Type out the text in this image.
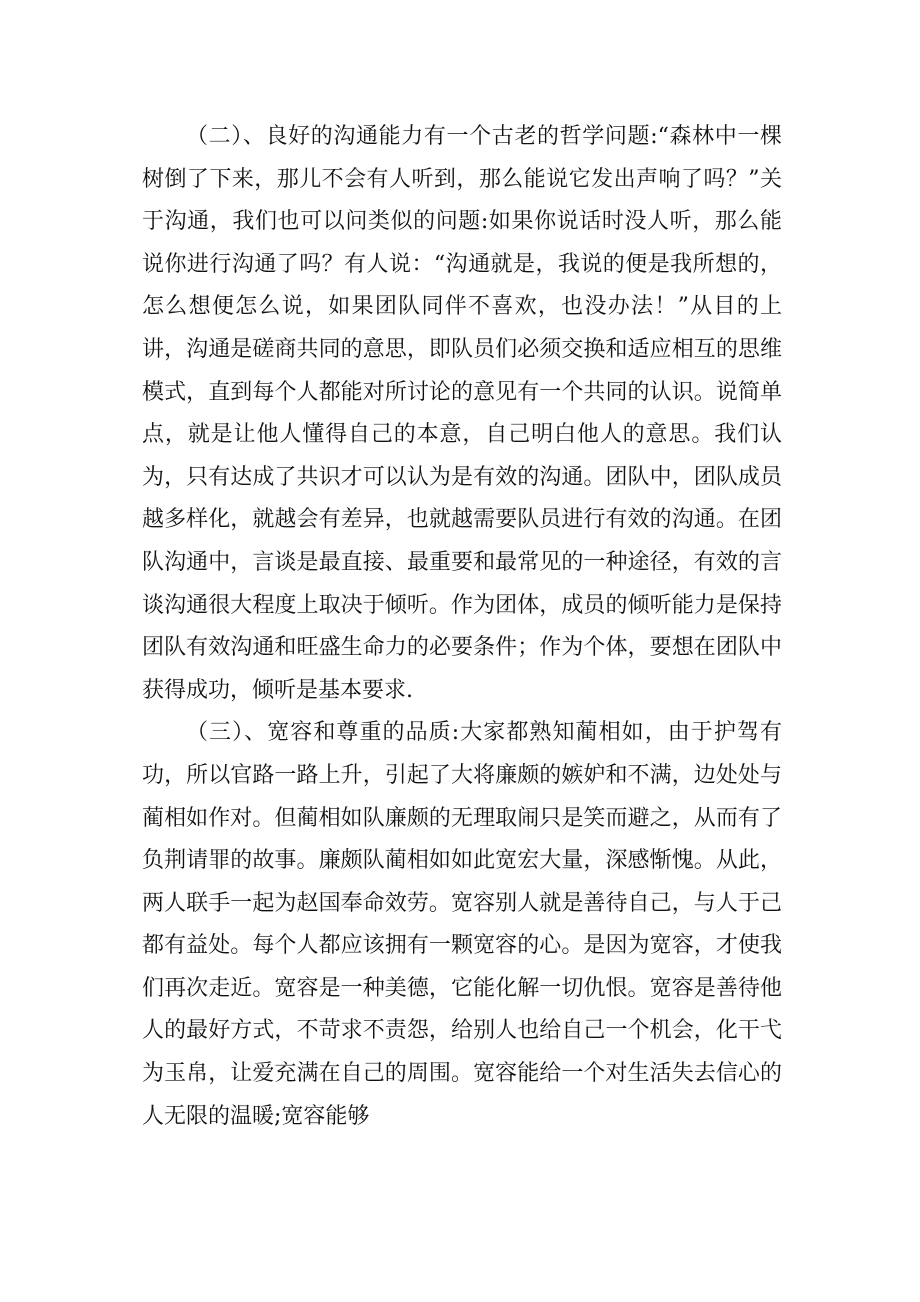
（二）、良好的沟通能力有一个古老的哲学问题:“森林中一棵树倒了下来，那儿不会有人听到，那么能说它发出声响了吗？”关于沟通，我们也可以问类似的问题:如果你说话时没人听，那么能说你进行沟通了吗？有人说：“沟通就是，我说的便是我所想的，怎么想便怎么说，如果团队同伴不喜欢，也没办法！”从目的上讲，沟通是磋商共同的意思，即队员们必须交换和适应相互的思维模式，直到每个人都能对所讨论的意见有一个共同的认识。说简单点，就是让他人懂得自己的本意，自己明白他人的意思。我们认为，只有达成了共识才可以认为是有效的沟通。团队中，团队成员越多样化，就越会有差异，也就越需要队员进行有效的沟通。在团队沟通中，言谈是最直接、最重要和最常见的一种途径，有效的言谈沟通很大程度上取决于倾听。作为团体，成员的倾听能力是保持团队有效沟通和旺盛生命力的必要条件；作为个体，要想在团队中获得成功，倾听是基本要求.

（三）、宽容和尊重的品质:大家都熟知蔺相如，由于护驾有功，所以官路一路上升，引起了大将廉颇的嫉妒和不满，边处处与蔺相如作对。但蔺相如队廉颇的无理取闹只是笑而避之，从而有了负荆请罪的故事。廉颇队蔺相如如此宽宏大量，深感惭愧。从此，两人联手一起为赵国奉命效劳。宽容别人就是善待自己，与人于己都有益处。每个人都应该拥有一颗宽容的心。是因为宽容，才使我们再次走近。宽容是一种美德，它能化解一切仇恨。宽容是善待他人的最好方式，不苛求不责怨，给别人也给自己一个机会，化干弋为玉帛，让爱充满在自己的周围。宽容能给一个对生活失去信心的人无限的温暖;宽容能够
